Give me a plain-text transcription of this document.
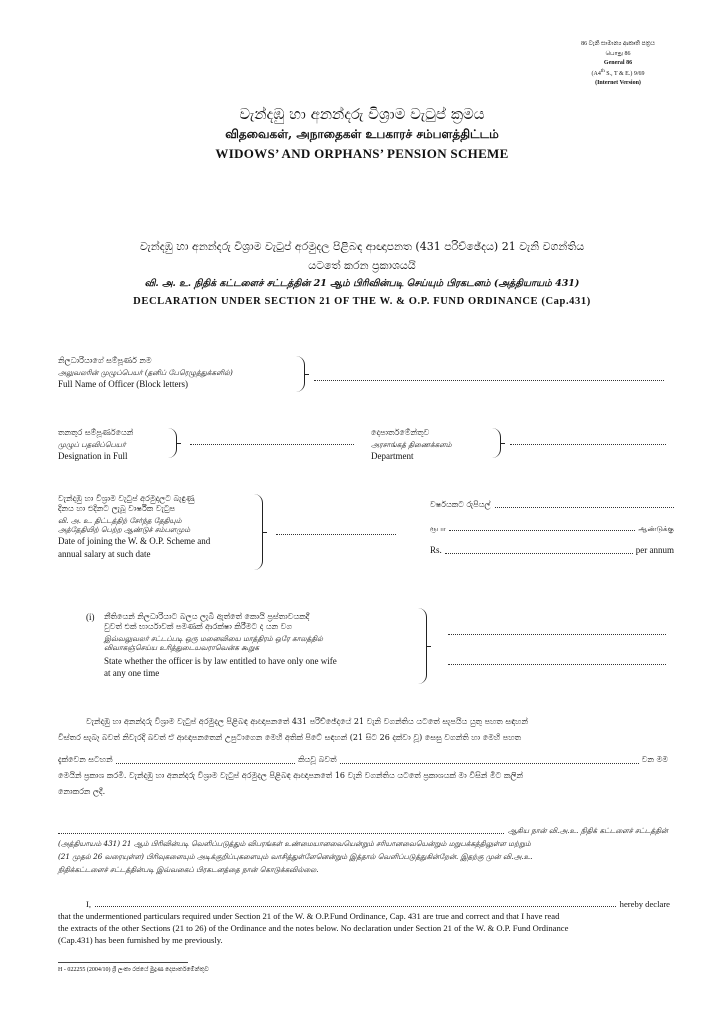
86 වැනි සාමාන්‍ය ආකෘති පත්‍රය
பொது 86
General 86
(A4th S., T & E.) 9/69
(Internet Version)
වැන්දඹු හා අනන්දරු විශ්‍රාම වැටුප් ක්‍රමය
விதவைகள், அநாதைகள் உபகாரச் சம்பளத்திட்டம்
WIDOWS’ AND ORPHANS’ PENSION SCHEME
වැන්දඹු හා අනන්දරු විශ්‍රාම වැටුප් අරමුදල පිළිබඳ ආඥාපනත (431 පරිච්ඡේදය) 21 වැනි වගන්තිය
යටතේ කරන ප්‍රකාශයයි
வி. அ. உ. நிதிக் கட்டளைச் சட்டத்தின் 21 ஆம் பிரிவின்படி செய்யும் பிரகடனம் (அத்தியாயம் 431)
DECLARATION UNDER SECTION 21 OF THE W. & O.P. FUND ORDINANCE (Cap.431)
නිලධාරියාගේ සම්පූර්ණ නම
அலுவலரின் முழுப்பெயர் (தனிப் பேரெழுத்துக்களில்)
Full Name of Officer (Block letters)
තනතුර සම්පූර්ණයෙන්
முழுப் பதவிப்பெயர்
Designation in Full
දෙපාර්තමේන්තුව
அரசாங்கத் திணைக்களம்
Department
වැන්දඹු හා විශ්‍රාම වැටුප් අරමුදලට බැඳුණු
දිනය හා එදිනට ලැබූ වාර්ෂික වැටුප
வி. அ. உ. திட்டத்திற் சேர்ந்த தேதியும்
அத்தேதியிற் பெற்ற ஆண்டுச் சம்பளமும்
Date of joining the W. & O.P. Scheme and
annual salary at such date
වර්ෂයකට රුපියල්
ரூபா	ஆண்டுக்கு
Rs.	per annum
(i) නීතියෙන් නිලධාරියාට බලය ලැබී ඇත්තේ කොයි ප්‍රස්තාවයකදී
වුවත් එක් භාර්යාවක් පමණක් ආරක්ෂා කිරීමට ද යන වග
இவ்வலுவலர் சட்டப்படி ஒரு மனைவியை மாத்திரம் ஒரே காலத்தில்
விவாகஞ்செய்ய உரித்துடையவராவென்க கூறுக
State whether the officer is by law entitled to have only one wife
at any one time
වැන්දඹු හා අනන්දරු විශ්‍රාම වැටුප් අරමුදල පිළිබඳ ආඥාපනතේ 431 පරිච්ඡේදයේ 21 වැනි වගන්තිය යටතේ සැපයිය යුතු පහත සඳහන්
විස්තර සැබෑ බවත් නිවැරදි බවත් ඒ ආඥාපනතෙන් උපුටාගෙන මෙහි අතික් පිටේ සඳහන් (21 සිට 26 දක්වා වූ) සෙසු වගන්ති හා මෙහි පහත
දැක්වෙන සටහන්	කියවූ බවත්	වන මම
මෙයින් ප්‍රකාශ කරමි. වැන්දඹු හා අනන්දරු විශ්‍රාම වැටුප් අරමුදල පිළිබඳ ආඥාපනතේ 16 වැනි වගන්තිය යටතේ ප්‍රකාශයක් මා විසින් මීට කලින්
නොකරන ලදී.
ஆகிய நான் வி.அ.உ. நிதிக் கட்டளைச் சட்டத்தின்
(அத்தியாயம் 431) 21 ஆம் பிரிவின்படி வெளிப்படுத்தும் விபரங்கள் உண்மையானவையென்றும் சரியானவையென்றும் மறுபக்கத்திலுள்ள மற்றும்
(21 முதல் 26 வரையுள்ள) பிரிவுகளையும் அடிக்குறிப்புகளையும் வாசித்துள்ளேனென்றும் இத்தால் வெளிப்படுத்துகின்றேன். இதற்கு முன் வி.அ.உ.
நிதிக்கட்டளைச் சட்டத்தின்படி இவ்வகைப் பிரகடனத்தை நான் கொடுக்கவில்லை.
I,	hereby declare
that the undermentioned particulars required under Section 21 of the W. & O.P.Fund Ordinance, Cap. 431 are true and correct and that I have read
the extracts of the other Sections (21 to 26) of the Ordinance and the notes below. No declaration under Section 21 of the W. & O.P. Fund Ordinance
(Cap.431) has been furnished by me previously.
H - 022255 (2004/10) ශ්‍රී ලංකා රජයේ මුද්‍රණ දෙපාර්තමේන්තුව
